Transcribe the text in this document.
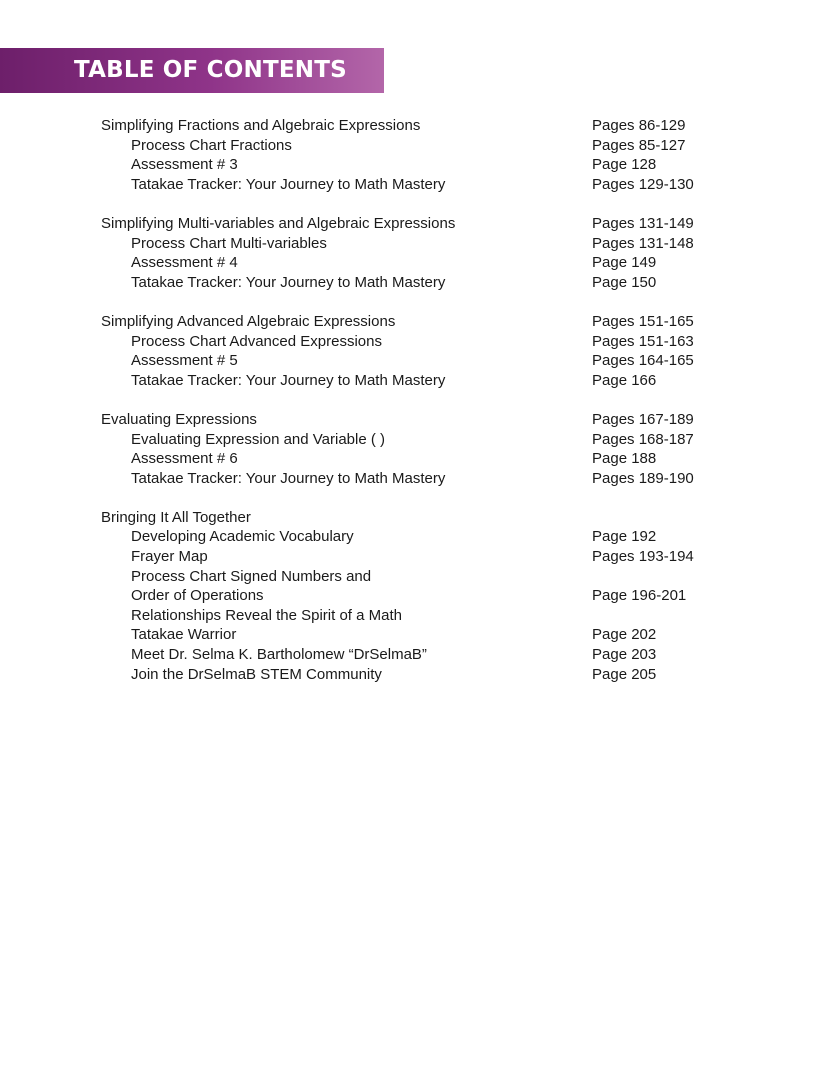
TABLE OF CONTENTS
Simplifying Fractions and Algebraic Expressions	Pages 86-129
Process Chart Fractions	Pages 85-127
Assessment # 3	Page 128
Tatakae Tracker: Your Journey to Math Mastery	Pages 129-130
Simplifying Multi-variables and Algebraic Expressions	Pages 131-149
Process Chart Multi-variables	Pages 131-148
Assessment # 4	Page 149
Tatakae Tracker: Your Journey to Math Mastery	Page 150
Simplifying Advanced Algebraic Expressions	Pages 151-165
Process Chart Advanced Expressions	Pages 151-163
Assessment # 5	Pages 164-165
Tatakae Tracker: Your Journey to Math Mastery	Page 166
Evaluating Expressions	Pages 167-189
Evaluating Expression and Variable ( )	Pages 168-187
Assessment # 6	Page 188
Tatakae Tracker: Your Journey to Math Mastery	Pages 189-190
Bringing It All Together
Developing Academic Vocabulary	Page 192
Frayer Map	Pages 193-194
Process Chart Signed Numbers and
Order of Operations	Page 196-201
Relationships Reveal the Spirit of a Math
Tatakae Warrior	Page 202
Meet Dr. Selma K. Bartholomew “DrSelmaB”	Page 203
Join the DrSelmaB STEM Community	Page 205
